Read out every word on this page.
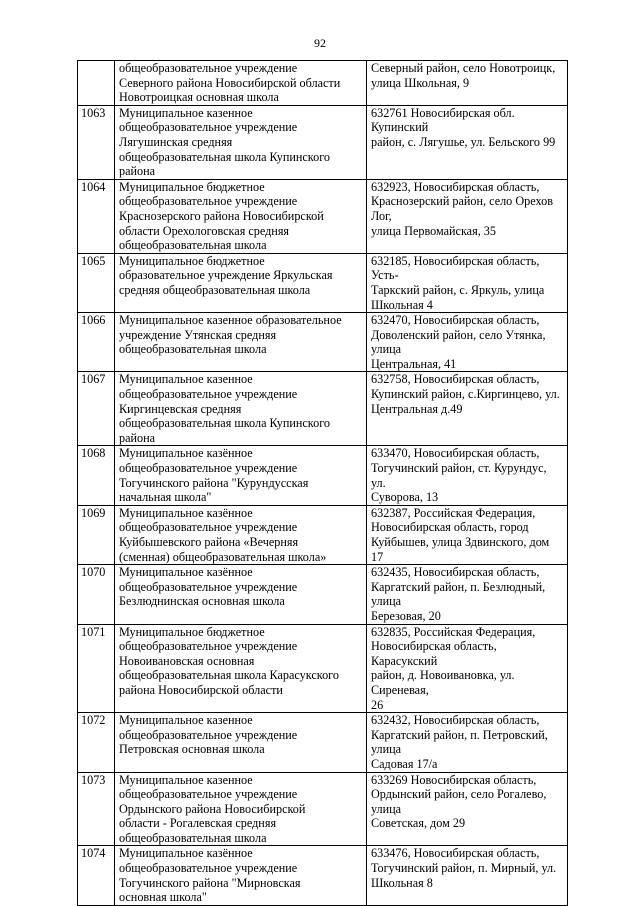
92
	общеобразовательное учреждение
Северного района Новосибирской области
Новотроицкая основная школа	Северный район, село Новотроицк,
улица Школьная, 9
1063	Муниципальное казенное
общеобразовательное учреждение
Лягушинская средняя
общеобразовательная школа Купинского
района	632761 Новосибирская обл. Купинский
район, с. Лягушье, ул. Бельского 99
1064	Муниципальное бюджетное
общеобразовательное учреждение
Краснозерского района Новосибирской
области Орехологовская средняя
общеобразовательная школа	632923, Новосибирская область,
Краснозерский район, село Орехов Лог,
улица Первомайская, 35
1065	Муниципальное бюджетное
образовательное учреждение Яркульская
средняя общеобразовательная школа	632185, Новосибирская область, Усть-
Таркский район, с. Яркуль, улица
Школьная 4
1066	Муниципальное казенное образовательное
учреждение Утянская средняя
общеобразовательная школа	632470, Новосибирская область,
Доволенский район, село Утянка, улица
Центральная, 41
1067	Муниципальное казенное
общеобразовательное учреждение
Киргинцевская средняя
общеобразовательная школа Купинского
района	632758, Новосибирская область,
Купинский район, с.Киргинцево, ул.
Центральная д.49
1068	Муниципальное казённое
общеобразовательное учреждение
Тогучинского района "Курундусская
начальная школа"	633470, Новосибирская область,
Тогучинский район, ст. Курундус, ул.
Суворова, 13
1069	Муниципальное казённое
общеобразовательное учреждение
Куйбышевского района «Вечерняя
(сменная) общеобразовательная школа»	632387, Российская Федерация,
Новосибирская область, город
Куйбышев, улица Здвинского, дом 17
1070	Муниципальное казённое
общеобразовательное учреждение
Безлюднинская основная школа	632435, Новосибирская область,
Каргатский район, п. Безлюдный, улица
Березовая, 20
1071	Муниципальное бюджетное
общеобразовательное учреждение
Новоивановская основная
общеобразовательная школа Карасукского
района Новосибирской области	632835, Российская Федерация,
Новосибирская область, Карасукский
район, д. Новоивановка, ул. Сиреневая,
26
1072	Муниципальное казенное
общеобразовательное учреждение
Петровская основная школа	632432, Новосибирская область,
Каргатский район, п. Петровский, улица
Садовая 17/а
1073	Муниципальное казенное
общеобразовательное учреждение
Ордынского района Новосибирской
области - Рогалевская средняя
общеобразовательная школа	633269 Новосибирская область,
Ордынский район, село Рогалево, улица
Советская, дом 29
1074	Муниципальное казённое
общеобразовательное учреждение
Тогучинского района "Мирновская
основная школа"	633476, Новосибирская область,
Тогучинский район, п. Мирный, ул.
Школьная 8
